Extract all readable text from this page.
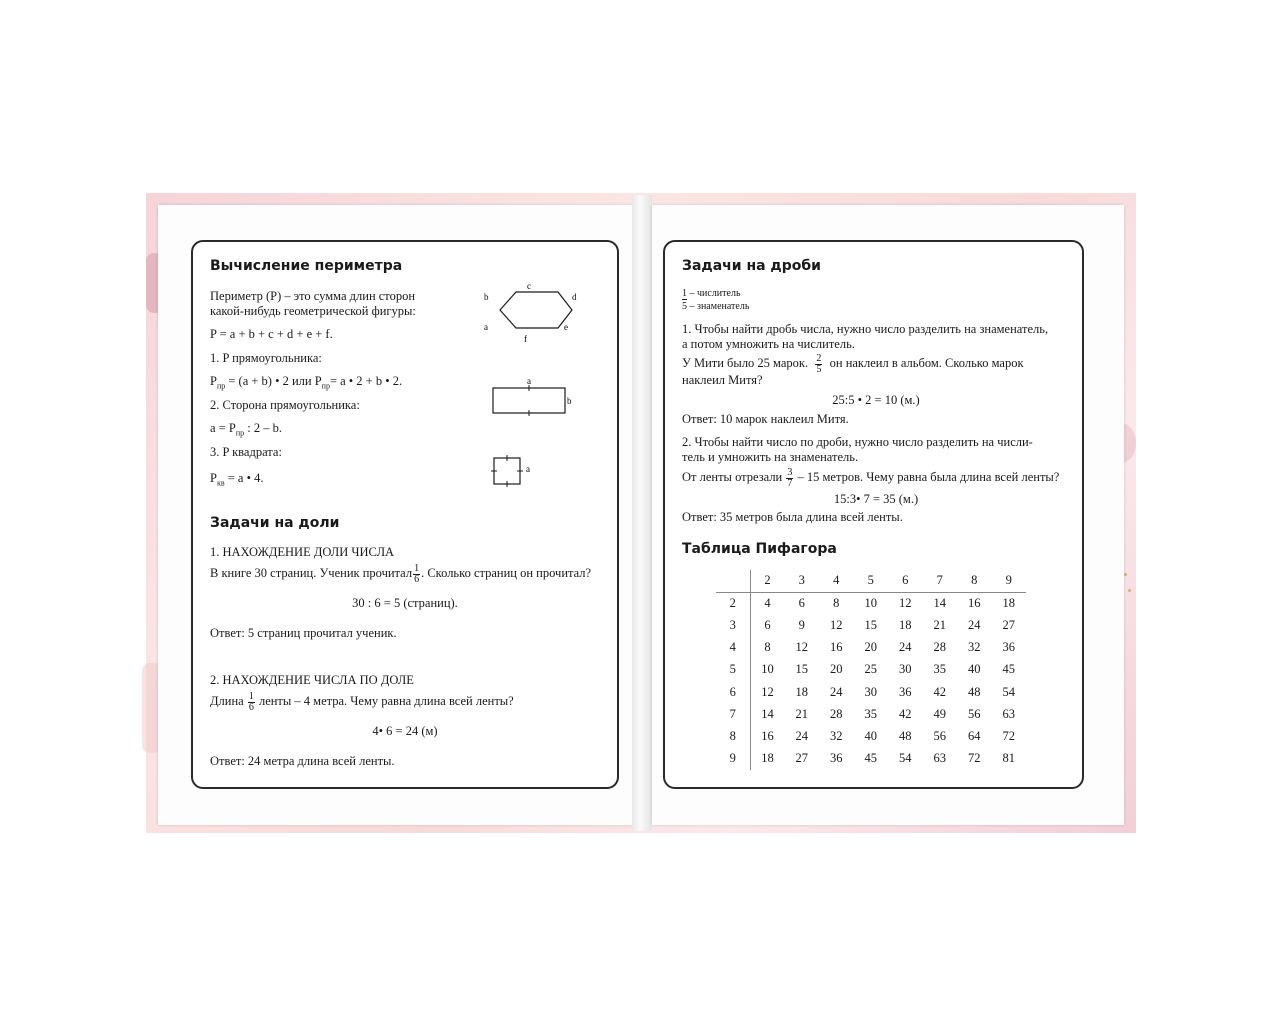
Вычисление периметра
Периметр (P) – это сумма длин сторон
какой-нибудь геометрической фигуры:
P = a + b + c + d + e + f.
1. P прямоугольника:
$P_{пр} = (a + b)$ • 2 или $P_{пр}= a$ • 2 + b • 2.
2. Сторона прямоугольника:
$a = P_{пр}$ : 2 – b.
3. P квадрата:
$P_{кв} = a$ • 4.
c
b	d
a	e
f
a
b
a
Задачи на доли
1. НАХОЖДЕНИЕ ДОЛИ ЧИСЛА
В книге 30 страниц. Ученик прочитал $\frac{1}{6}$ . Сколько страниц он прочитал?
30 : 6 = 5 (страниц).
Ответ: 5 страниц прочитал ученик.
2. НАХОЖДЕНИЕ ЧИСЛА ПО ДОЛЕ
Длина $\frac{1}{6}$ ленты – 4 метра. Чему равна длина всей ленты?
4• 6 = 24 (м)
Ответ: 24 метра длина всей ленты.
Задачи на дроби
1 – числитель
5 – знаменатель
1. Чтобы найти дробь числа, нужно число разделить на знаменатель,
а потом умножить на числитель.
У Мити было 25 марок. $\frac{2}{5}$ он наклеил в альбом. Сколько марок
наклеил Митя?
25:5 • 2 = 10 (м.)
Ответ: 10 марок наклеил Митя.
2. Чтобы найти число по дроби, нужно число разделить на числи-
тель и умножить на знаменатель.
От ленты отрезали $\frac{3}{7} - 15$ метров. Чему равна была длина всей ленты?
15:3• 7 = 35 (м.)
Ответ: 35 метров была длина всей ленты.
Таблица Пифагора
	2	3	4	5	6	7	8	9
2	4	6	8	10	12	14	16	18
3	6	9	12	15	18	21	24	27
4	8	12	16	20	24	28	32	36
5	10	15	20	25	30	35	40	45
6	12	18	24	30	36	42	48	54
7	14	21	28	35	42	49	56	63
8	16	24	32	40	48	56	64	72
9	18	27	36	45	54	63	72	81
